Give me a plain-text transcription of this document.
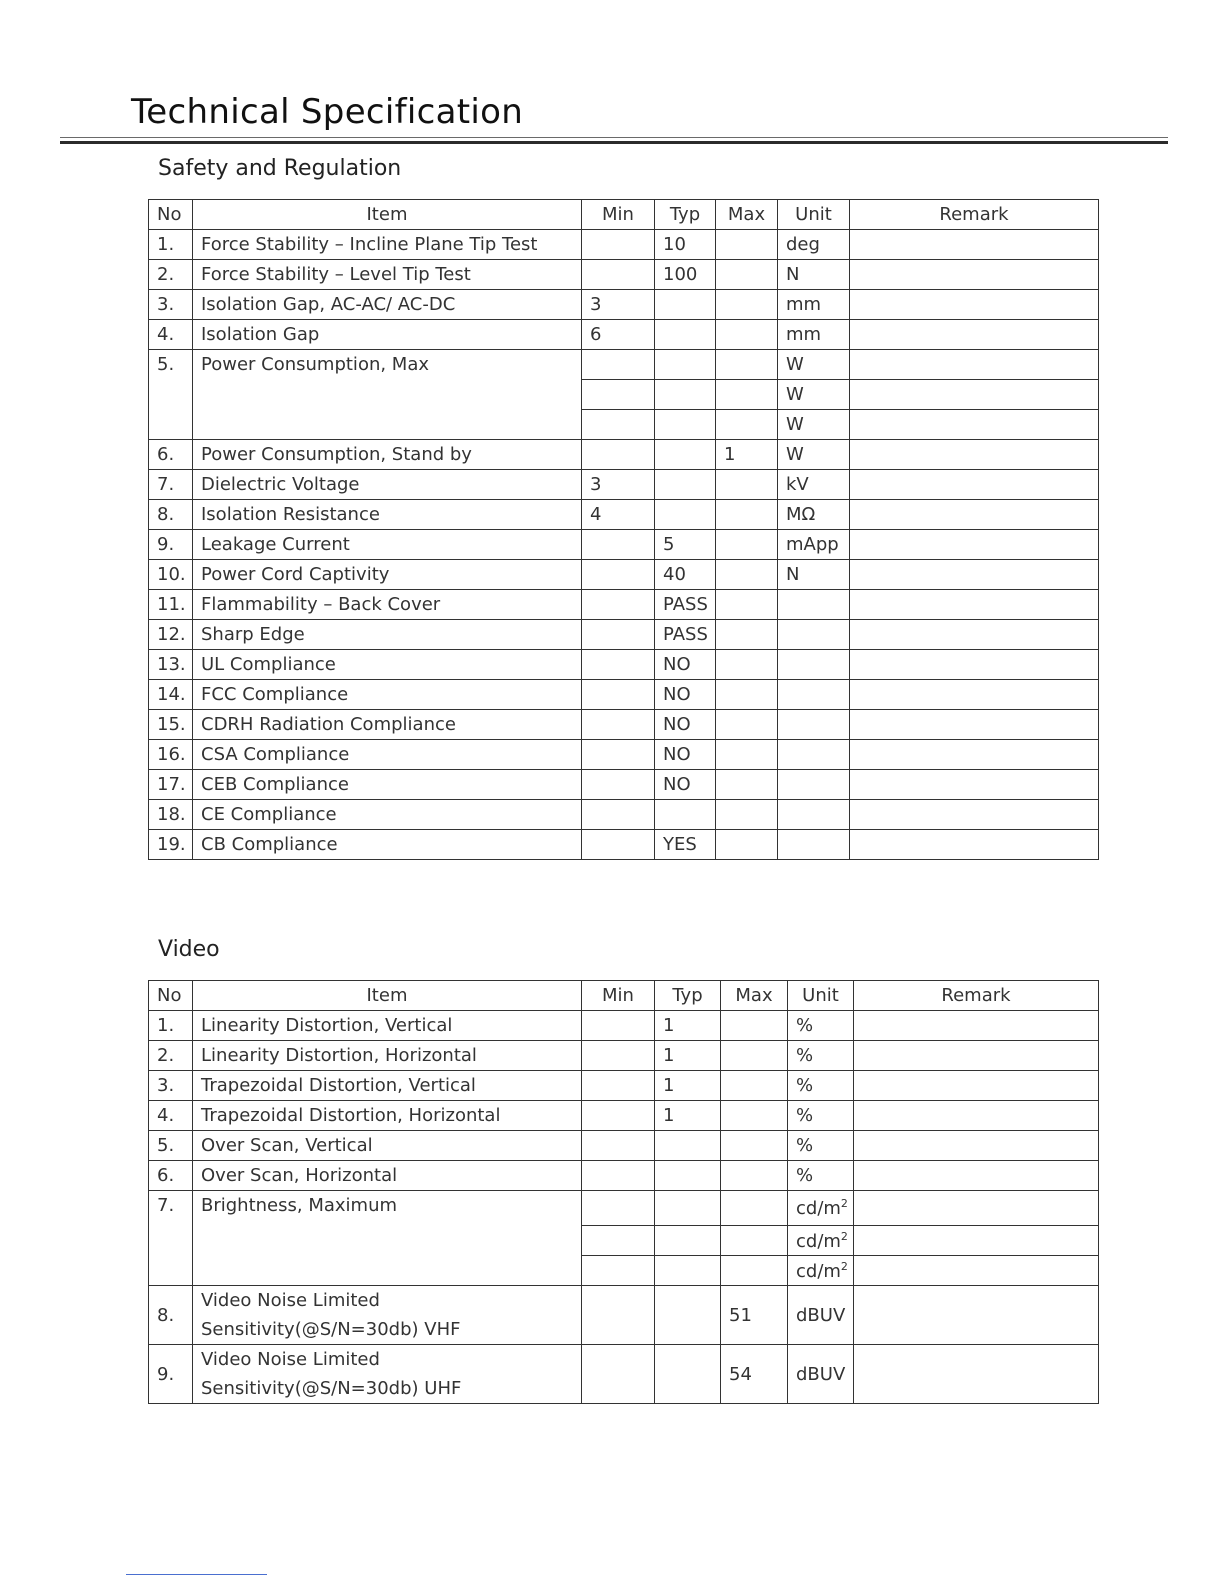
Technical Specification
Safety and Regulation
No	Item	Min	Typ	Max	Unit	Remark
1.	Force Stability – Incline Plane Tip Test		10		deg	
2.	Force Stability – Level Tip Test		100		N	
3.	Isolation Gap, AC-AC/ AC-DC	3			mm	
4.	Isolation Gap	6			mm	
5.	Power Consumption, Max				W	
					W	
					W	
6.	Power Consumption, Stand by			1	W	
7.	Dielectric Voltage	3			kV	
8.	Isolation Resistance	4			MΩ	
9.	Leakage Current		5		mApp	
10.	Power Cord Captivity		40		N	
11.	Flammability – Back Cover		PASS			
12.	Sharp Edge		PASS			
13.	UL Compliance		NO			
14.	FCC Compliance		NO			
15.	CDRH Radiation Compliance		NO			
16.	CSA Compliance		NO			
17.	CEB Compliance		NO			
18.	CE Compliance					
19.	CB Compliance		YES			
Video
No	Item	Min	Typ	Max	Unit	Remark
1.	Linearity Distortion, Vertical		1		%	
2.	Linearity Distortion, Horizontal		1		%	
3.	Trapezoidal Distortion, Vertical		1		%	
4.	Trapezoidal Distortion, Horizontal		1		%	
5.	Over Scan, Vertical				%	
6.	Over Scan, Horizontal				%	
7.	Brightness, Maximum				$cd/m^2$	
					$cd/m^2$	
					$cd/m^2$	
8.	Video Noise Limited
Sensitivity(@S/N=30db) VHF			51	dBUV	
9.	Video Noise Limited
Sensitivity(@S/N=30db) UHF			54	dBUV	
